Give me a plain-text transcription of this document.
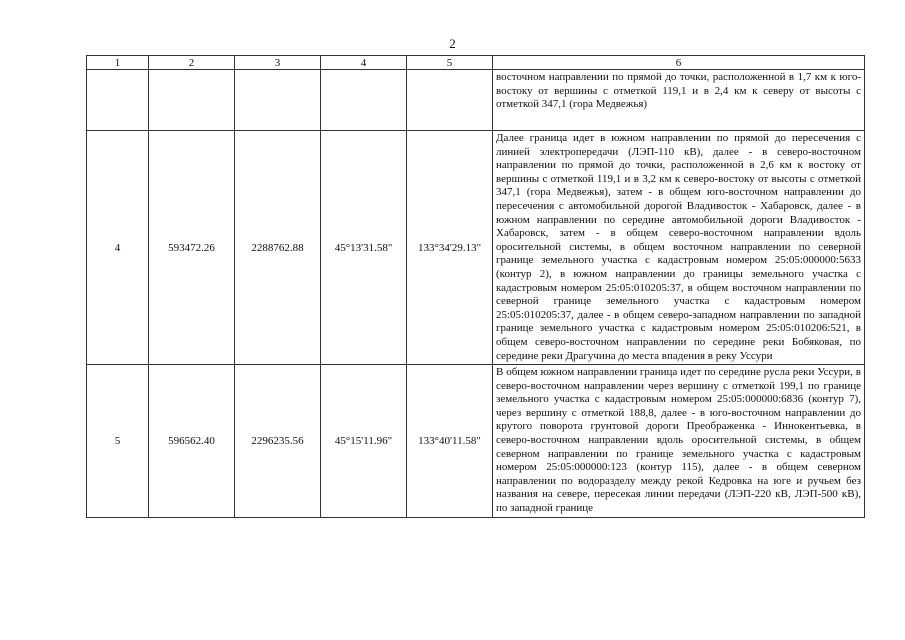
2
1	2	3	4	5	6
					восточном направлении по прямой до точки, расположенной в 1,7 км к юго-востоку от вершины с отметкой 119,1 и в 2,4 км к северу от высоты с отметкой 347,1 (гора Медвежья)
4	593472.26	2288762.88	45°13'31.58"	133°34'29.13"	Далее граница идет в южном направлении по прямой до пересечения с линией электропередачи (ЛЭП-110 кВ), далее - в северо-восточном направлении по прямой до точки, расположенной в 2,6 км к востоку от вершины с отметкой 119,1 и в 3,2 км к северо-востоку от высоты с отметкой 347,1 (гора Медвежья), затем - в общем юго-восточном направлении до пересечения с автомобильной дорогой Владивосток - Хабаровск, далее - в южном направлении по середине автомобильной дороги Владивосток - Хабаровск, затем - в общем северо-восточном направлении вдоль оросительной системы, в общем восточном направлении по северной границе земельного участка с кадастровым номером 25:05:000000:5633 (контур 2), в южном направлении до границы земельного участка с кадастровым номером 25:05:010205:37, в общем восточном направлении по северной границе земельного участка с кадастровым номером 25:05:010205:37, далее - в общем северо-западном направлении по западной границе земельного участка с кадастровым номером 25:05:010206:521, в общем северо-восточном направлении по середине реки Бобяковая, по середине реки Драгучина до места впадения в реку Уссури
5	596562.40	2296235.56	45°15'11.96"	133°40'11.58"	В общем южном направлении граница идет по середине русла реки Уссури, в северо-восточном направлении через вершину с отметкой 199,1 по границе земельного участка с кадастровым номером 25:05:000000:6836 (контур 7), через вершину с отметкой 188,8, далее - в юго-восточном направлении до крутого поворота грунтовой дороги Преображенка - Иннокентьевка, в северо-восточном направлении вдоль оросительной системы, в общем северном направлении по границе земельного участка с кадастровым номером 25:05:000000:123 (контур 115), далее - в общем северном направлении по водоразделу между рекой Кедровка на юге и ручьем без названия на севере, пересекая линии передачи (ЛЭП-220 кВ, ЛЭП-500 кВ), по западной границе
